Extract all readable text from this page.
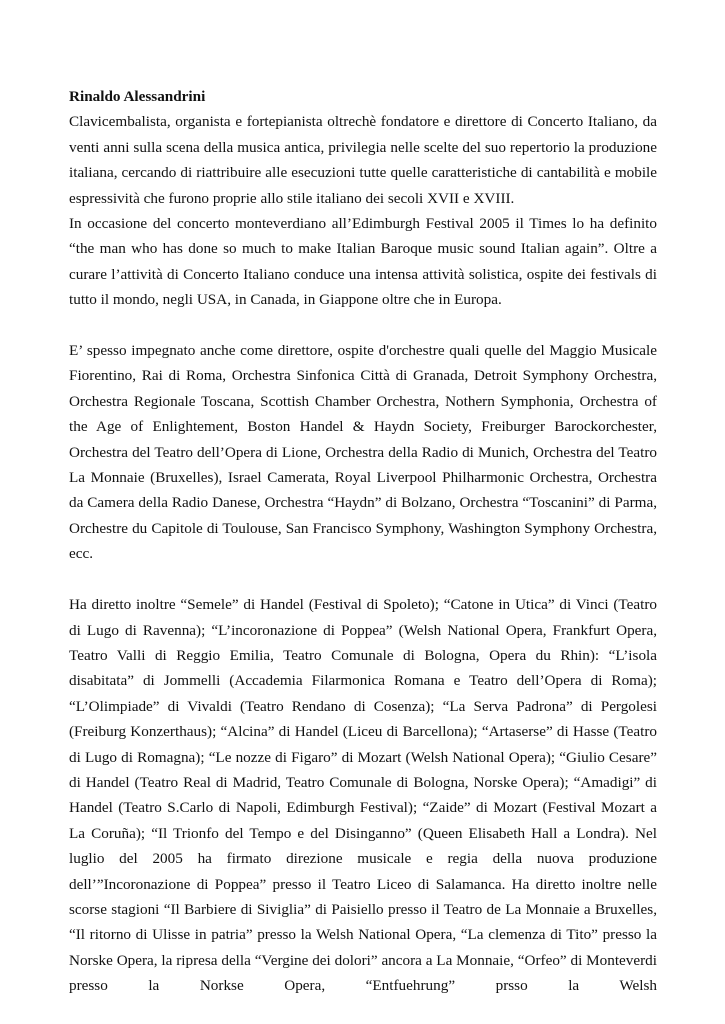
Rinaldo Alessandrini

Clavicembalista, organista e fortepianista oltrechè fondatore e direttore di Concerto Italiano, da venti anni sulla scena della musica antica, privilegia nelle scelte del suo repertorio la produzione italiana, cercando di riattribuire alle esecuzioni tutte quelle caratteristiche di cantabilità e mobile espressività che furono proprie allo stile italiano dei secoli XVII e XVIII.

In occasione del concerto monteverdiano all’Edimburgh Festival 2005 il Times lo ha definito “the man who has done so much to make Italian Baroque music sound Italian again”. Oltre a curare l’attività di Concerto Italiano conduce una intensa attività solistica, ospite dei festivals di tutto il mondo, negli USA, in Canada, in Giappone oltre che in Europa.

E’ spesso impegnato anche come direttore, ospite d'orchestre quali quelle del Maggio Musicale Fiorentino, Rai di Roma, Orchestra Sinfonica Città di Granada, Detroit Symphony Orchestra, Orchestra Regionale Toscana, Scottish Chamber Orchestra, Nothern Symphonia, Orchestra of the Age of Enlightement, Boston Handel & Haydn Society, Freiburger Barockorchester, Orchestra del Teatro dell’Opera di Lione, Orchestra della Radio di Munich, Orchestra del Teatro La Monnaie (Bruxelles), Israel Camerata, Royal Liverpool Philharmonic Orchestra, Orchestra da Camera della Radio Danese, Orchestra “Haydn” di Bolzano, Orchestra “Toscanini” di Parma, Orchestre du Capitole di Toulouse, San Francisco Symphony, Washington Symphony Orchestra, ecc.

Ha diretto inoltre “Semele” di Handel (Festival di Spoleto); “Catone in Utica” di Vinci (Teatro di Lugo di Ravenna); “L’incoronazione di Poppea” (Welsh National Opera, Frankfurt Opera, Teatro Valli di Reggio Emilia, Teatro Comunale di Bologna, Opera du Rhin): “L’isola disabitata” di Jommelli (Accademia Filarmonica Romana e Teatro dell’Opera di Roma); “L’Olimpiade” di Vivaldi (Teatro Rendano di Cosenza); “La Serva Padrona” di Pergolesi (Freiburg Konzerthaus); “Alcina” di Handel (Liceu di Barcellona); “Artaserse” di Hasse (Teatro di Lugo di Romagna); “Le nozze di Figaro” di Mozart (Welsh National Opera); “Giulio Cesare” di Handel (Teatro Real di Madrid, Teatro Comunale di Bologna, Norske Opera); “Amadigi” di Handel (Teatro S.Carlo di Napoli, Edimburgh Festival); “Zaide” di Mozart (Festival Mozart a La Coruña); “Il Trionfo del Tempo e del Disinganno” (Queen Elisabeth Hall a Londra). Nel luglio del 2005 ha firmato direzione musicale e regia della nuova produzione dell’”Incoronazione di Poppea” presso il Teatro Liceo di Salamanca. Ha diretto inoltre nelle scorse stagioni “Il Barbiere di Siviglia” di Paisiello presso il Teatro de La Monnaie a Bruxelles, “Il ritorno di Ulisse in patria” presso la Welsh National Opera, “La clemenza di Tito” presso la Norske Opera, la ripresa della “Vergine dei dolori” ancora a La Monnaie, “Orfeo” di Monteverdi presso la Norkse Opera, “Entfuehrung” prsso la Welsh
